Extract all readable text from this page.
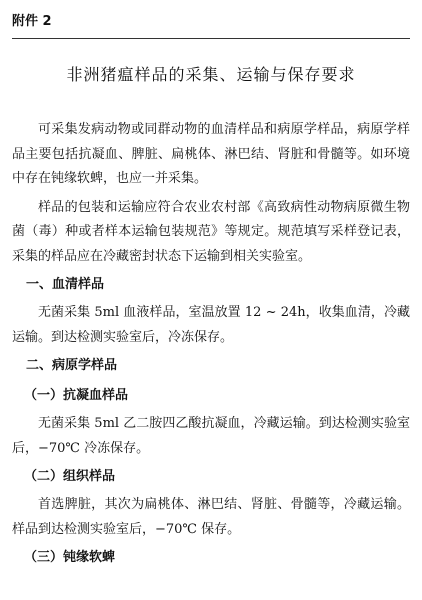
附件 2
非洲猪瘟样品的采集、运输与保存要求

可采集发病动物或同群动物的血清样品和病原学样品，病原学样品主要包括抗凝血、脾脏、扁桃体、淋巴结、肾脏和骨髓等。如环境中存在钝缘软蜱，也应一并采集。

样品的包装和运输应符合农业农村部《高致病性动物病原微生物菌（毒）种或者样本运输包装规范》等规定。规范填写采样登记表，采集的样品应在冷藏密封状态下运输到相关实验室。

一、血清样品

无菌采集 5ml 血液样品，室温放置 12 ~ 24h，收集血清，冷藏运输。到达检测实验室后，冷冻保存。

二、病原学样品

（一）抗凝血样品

无菌采集 5ml 乙二胺四乙酸抗凝血，冷藏运输。到达检测实验室后，−70℃ 冷冻保存。

（二）组织样品

首选脾脏，其次为扁桃体、淋巴结、肾脏、骨髓等，冷藏运输。样品到达检测实验室后，−70℃ 保存。

（三）钝缘软蜱
